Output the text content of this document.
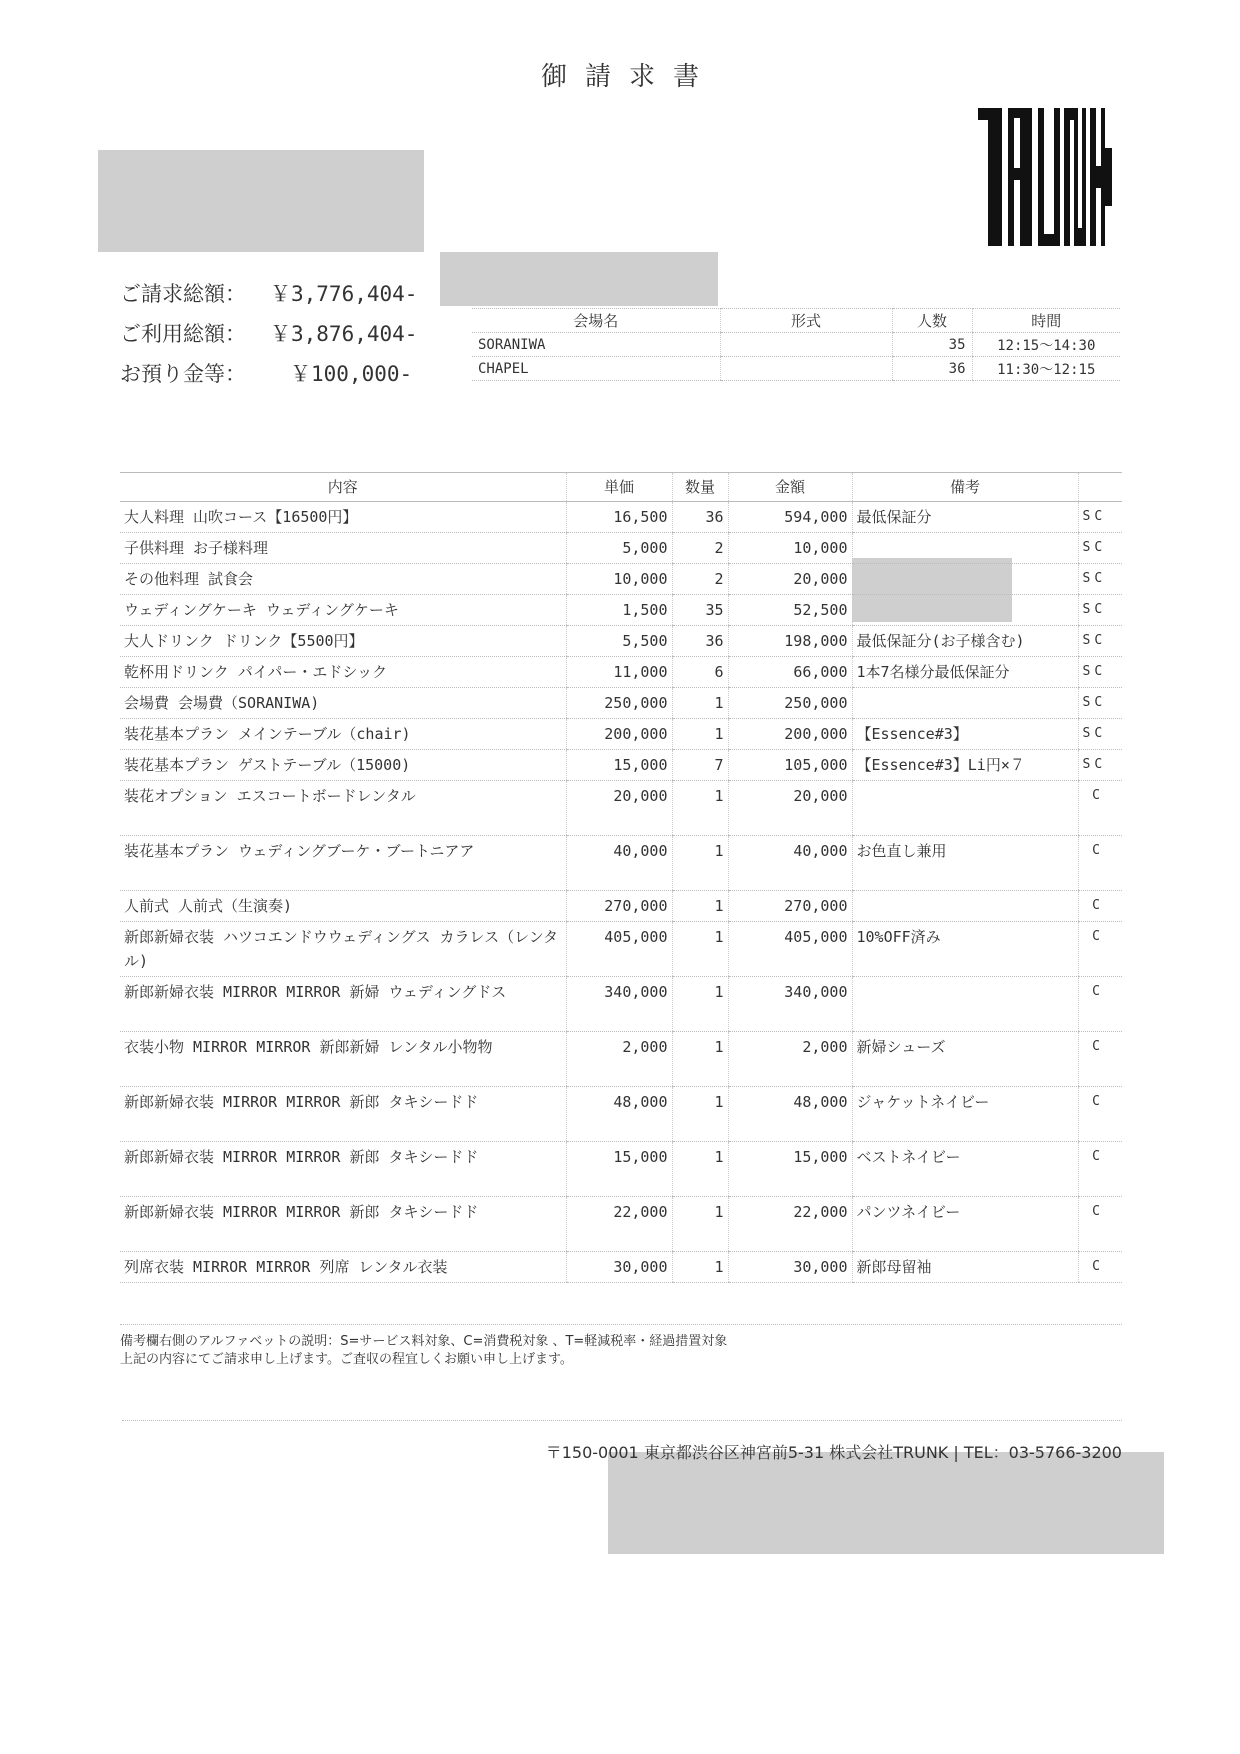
御請求書
ご請求総額： ￥3,776,404-
ご利用総額： ￥3,876,404-
お預り金等： ￥100,000-
会場名	形式	人数	時間
SORANIWA		35	12:15〜14:30
CHAPEL		36	11:30〜12:15
内容	単価	数量	金額	備考	
大人料理 山吹コース【16500円】	16,500	36	594,000	最低保証分	SC
子供料理 お子様料理	5,000	2	10,000		SC
その他料理 試食会	10,000	2	20,000		SC
ウェディングケーキ ウェディングケーキ	1,500	35	52,500		SC
大人ドリンク ドリンク【5500円】	5,500	36	198,000	最低保証分(お子様含む)	SC
乾杯用ドリンク パイパー・エドシック	11,000	6	66,000	1本7名様分最低保証分	SC
会場費 会場費（SORANIWA)	250,000	1	250,000		SC
装花基本プラン メインテーブル（chair)	200,000	1	200,000	【Essence#3】	SC
装花基本プラン ゲストテーブル（15000)	15,000	7	105,000	【Essence#3】Li円×７	SC
装花オプション エスコートボードレンタル	20,000	1	20,000		C
装花基本プラン ウェディングブーケ・ブートニアア	40,000	1	40,000	お色直し兼用	C
人前式 人前式（生演奏)	270,000	1	270,000		C
新郎新婦衣装 ハツコエンドウウェディングス カラレス（レンタル)	405,000	1	405,000	10%OFF済み	C
新郎新婦衣装 MIRROR MIRROR 新婦 ウェディングドス	340,000	1	340,000		C
衣装小物 MIRROR MIRROR 新郎新婦 レンタル小物物	2,000	1	2,000	新婦シューズ	C
新郎新婦衣装 MIRROR MIRROR 新郎 タキシードド	48,000	1	48,000	ジャケットネイビー	C
新郎新婦衣装 MIRROR MIRROR 新郎 タキシードド	15,000	1	15,000	ベストネイビー	C
新郎新婦衣装 MIRROR MIRROR 新郎 タキシードド	22,000	1	22,000	パンツネイビー	C
列席衣装 MIRROR MIRROR 列席 レンタル衣装	30,000	1	30,000	新郎母留袖	C
備考欄右側のアルファベットの説明：S=サービス料対象、C=消費税対象 、T=軽減税率・経過措置対象
上記の内容にてご請求申し上げます。ご査収の程宜しくお願い申し上げます。
〒150-0001 東京都渋谷区神宮前5-31 株式会社TRUNK | TEL：03-5766-3200
